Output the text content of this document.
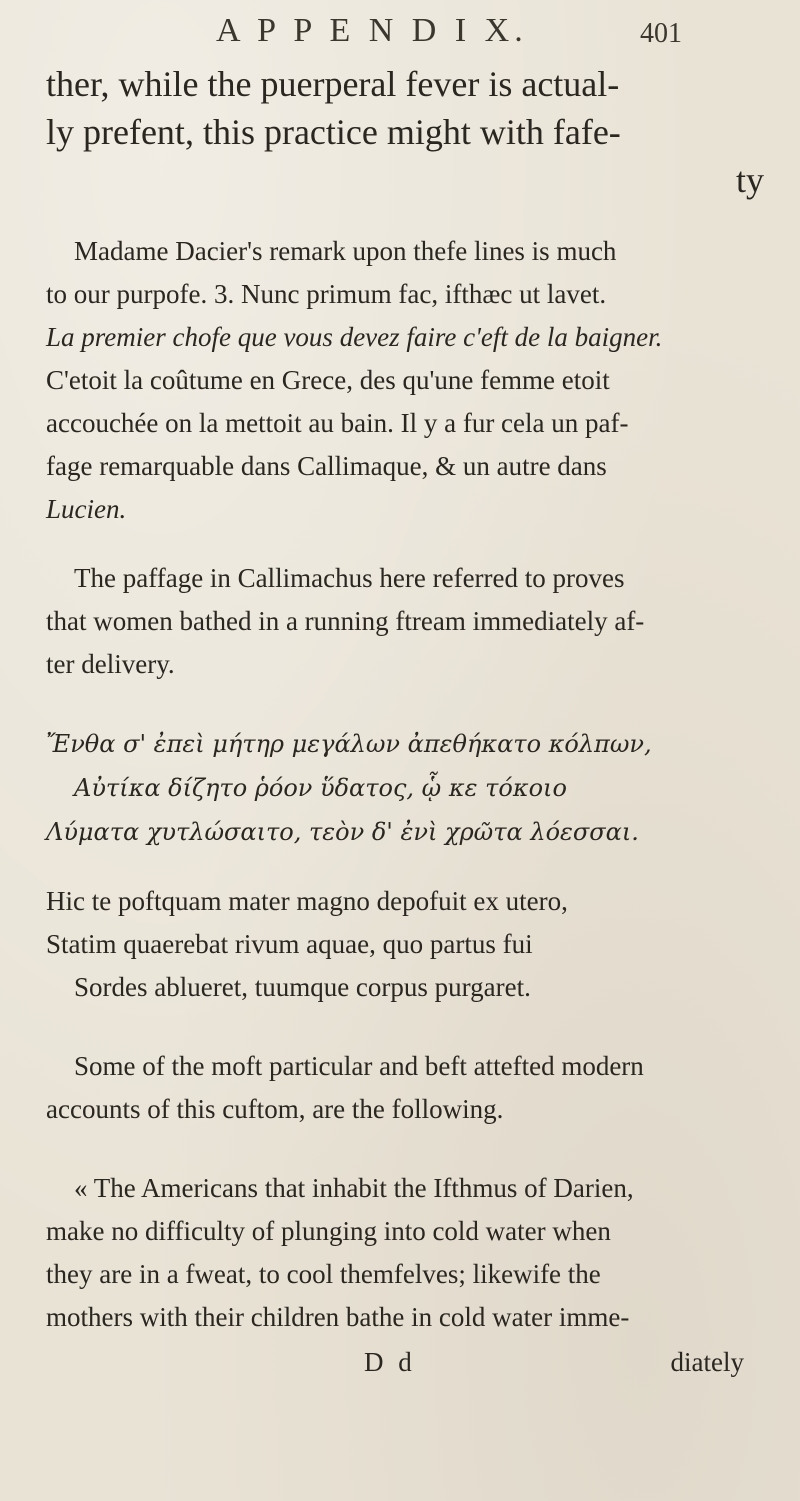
A P P E N D I X.	401
ther, while the puerperal fever is actual-
ly prefent, this practice might with fafe-
ty
Madame Dacier's remark upon thefe lines is much
to our purpofe. 3. Nunc primum fac, ifthæc ut lavet.
La premier chofe que vous devez faire c'eft de la baigner.
C'etoit la coûtume en Grece, des qu'une femme etoit
accouchée on la mettoit au bain. Il y a fur cela un paf-
fage remarquable dans Callimaque, & un autre dans
Lucien.
The paffage in Callimachus here referred to proves
that women bathed in a running ftream immediately af-
ter delivery.
Ἔνθα σ' ἐπεὶ μήτηρ μεγάλων ἀπεθήκατο κόλπων,
Αὐτίκα δίζητο ῥόον ὕδατος, ᾧ κε τόκοιο
Λύματα χυτλώσαιτο, τεὸν δ' ἐνὶ χρῶτα λόεσσαι.
Hic te poftquam mater magno depofuit ex utero,
Statim quaerebat rivum aquae, quo partus fui
Sordes ablueret, tuumque corpus purgaret.
Some of the moft particular and beft attefted modern
accounts of this cuftom, are the following.
« The Americans that inhabit the Ifthmus of Darien,
make no difficulty of plunging into cold water when
they are in a fweat, to cool themfelves; likewife the
mothers with their children bathe in cold water imme-
D d	diately
